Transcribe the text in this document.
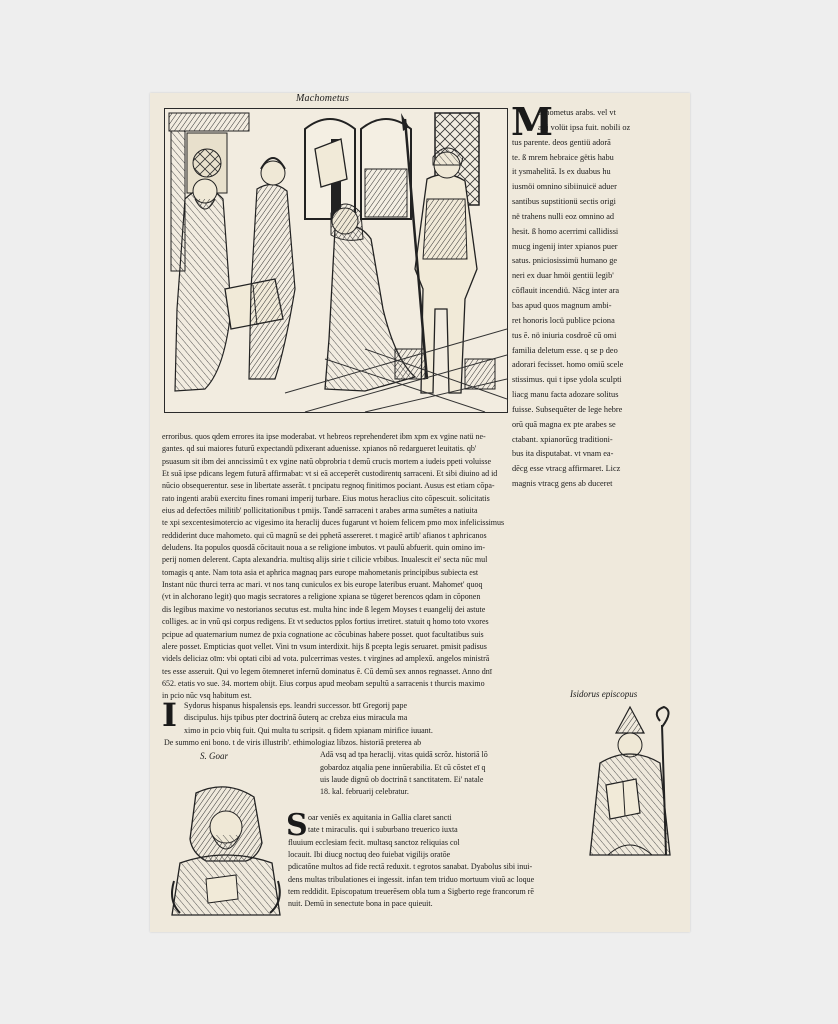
Machometus
M

achometus arabs. vel vt

alij volüt ipsa fuit. nobili oz

tus parente. deos gentiü adorā

te. ß mrem hebraice gëtis habu

it ysmahelitā. Is ex duabus hu

iusmöi omnino sibiinuicë aduer

santibus supstitionü sectis origi

në trahens nulli eoz omnino ad

hesit. ß homo acerrimi callidissi

mucg ingenij inter xpianos puer

satus. pniciosissimü humano ge

neri ex duar hmöi gentiü legib'

cōflauit incendiü. Nācg inter ara

bas apud quos magnum ambi-

ret honoris locü publice pciona

tus ē. nö iniuria cosdroē cū omi

familia deletum esse. q se p deo

adorari fecisset. homo omiū scele

stissimus. qui t ipse ydola sculpti

liacg manu facta adozare solitus

fuisse. Subsequēter de lege hebre

orū quā magna ex pte arabes se

ctabant. xpianorūcg traditioni-

bus ita disputabat. vt vnam ea-

dēcg esse vtracg affirmaret. Licz

magnis vtracg gens ab duceret

erroribus. quos qdem errores ita ipse moderabat. vt hebreos reprehenderet ibm xpm ex vgine natü ne-

gantes. qd sui maiores futurū expectandü pdixerant aduenisse. xpianos nō redargueret leuitatis. qb'

psuasum sit ibm dei anncissimū t ex vgine natū obprobria t demū crucis mortem a iudeis ppeti voluisse

Et suā ipse pdicans legem futurā affirmabat: vt si eā acceperēt custodirentq sarraceni. Et sibi diuino ad id

nūcio obsequerentur. sese in libertate asserāt. t pncipatu regnoq finitimos pociant. Ausus est etiam cōpa-

rato ingenti arabü exercitu fines romani imperij turbare. Eius motus heraclius cito cōpescuit. solicitatis

eius ad defectōes militib' pollicitationibus t pmijs. Tandē sarraceni t arabes arma sumētes a natiuita

te xpi sexcentesimotercio ac vigesimo ita heraclij duces fugarunt vt hoiem felicem pmo mox infelicissimus

reddiderint duce mahometo. qui cū magnū se dei pphetā assereret. t magicē artib' afianos t aphricanos

deludens. Ita populos quosdā cōcitauit noua a se religione imbutos. vt paulū abfuerit. quin omino im-

perij nomen delerent. Capta alexandria. multisq alijs sirie t cilicie vrbibus. Inualescit ei' secta nūc mul

tomagis q ante. Nam tota asia et aphrica magnaq pars europe mahometanis principibus subiecta est

Instant nüc thurci terra ac mari. vt nos tanq cuniculos ex bis europe lateribus eruant. Mahomet' quoq

(vt in alchorano legit) quo magis secratores a religione xpiana se tügeret berencos qdam in cōponen

dis legibus maxime vo nestorianos secutus est. multa hinc inde ß legem Moyses t euangelij dei astute

colliges. ac in vnū qsi corpus redigens. Et vt seductos pplos fortius irretiret. statuit q homo toto vxores

pcipue ad quaternarium numez de pxia cognatione ac cōcubinas habere posset. quot facultatibus suis

alere posset. Empticias quot vellet. Vini tn vsum interdixit. hijs ß pcepta legis seruaret. pmisit padisus

videls deliciaz oīm: vbi optati cibi ad vota. pulcerrimas vestes. t virgines ad amplexū. angelos ministrā

tes esse asseruit. Qui vo legem ōtemneret infernū dominatus ē. Cū demū sex annos regnasset. Anno dnī

652. etatis vo sue. 34. mortem obijt. Eius corpus apud meobam sepultū a sarracenis t thurcis maximo

in pcio nūc vsq habitum est.	Isidorus episcopus
I Sydorus hispanus hispalensis eps. leandri successor. btī Gregorij pape

discipulus. hijs tpibus pter doctrinā ōuterq ac crebza eius miracula ma

ximo in pcio vbiq fuit. Qui multa tu scripsit. q fidem xpianam mirifice iuuant.

De summo eni bono. t de viris illustrib'. ethimologiaz libzos. historiā preterea ab

Adā vsq ad tpa heraclij. vitas quidā scrōz. historiā lō

gobardoz atqalia pene innūerabilia. Et cū cōstet eī q

uis laude dignū ob doctrinā t sanctitatem. Ei' natale

18. kal. februarij celebratur.

S. Goar
S oar veniēs ex aquitania in Gallia claret sancti

tate t miraculis. qui i suburbano treuerico iuxta

fluuium ecclesiam fecit. multasq sanctoz reliquias col

locauit. Ibi diucg noctuq deo fuiebat vigilijs oratōe

pdicatōne multos ad fide rectā reduxit. t egrotos sanabat. Dyabolus sibi inui-

dens multas tribulationes ei ingessit. infan tem triduo mortuum viuū ac loque

tem reddidit. Episcopatum treuerēsem obla tum a Sigberto rege francorum rē

nuit. Demū in senectute bona in pace quieuit.
